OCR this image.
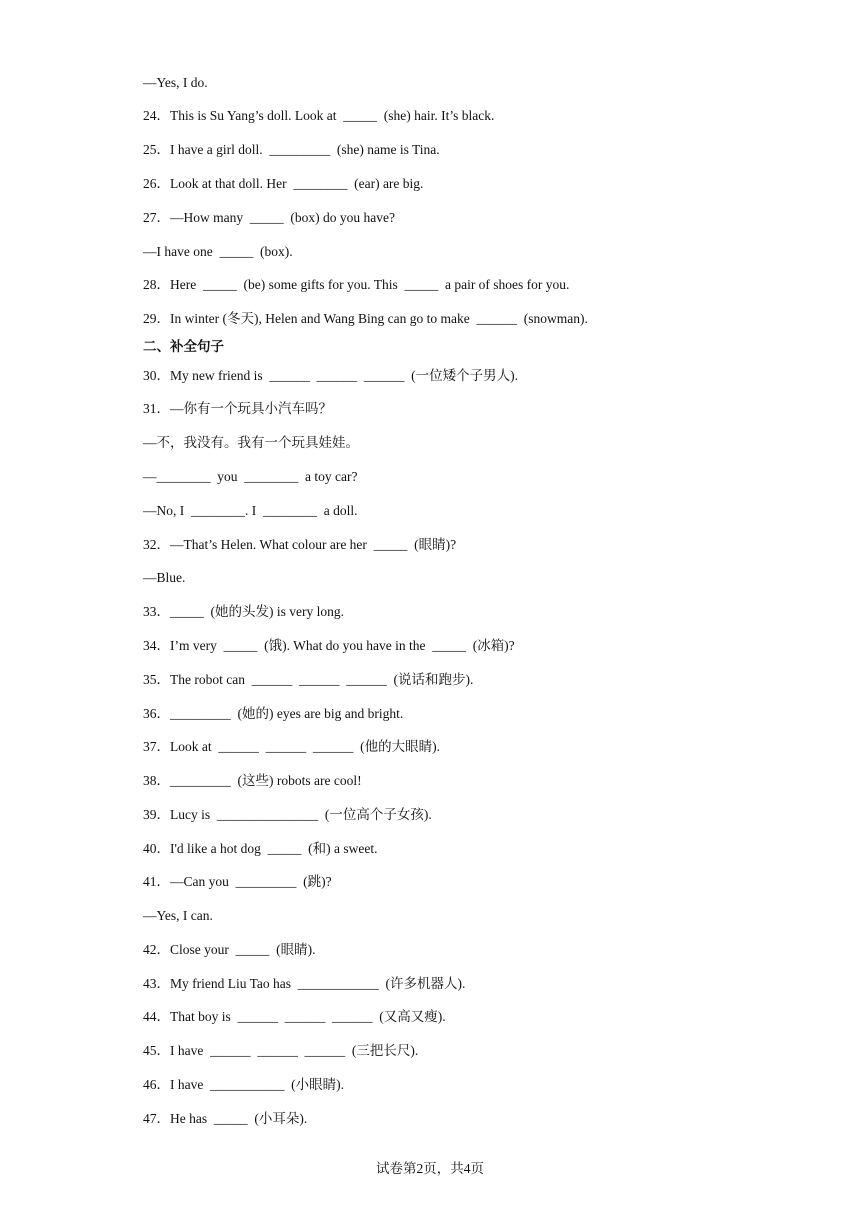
—Yes, I do.
24．This is Su Yang’s doll. Look at  _____  (she) hair. It’s black.
25．I have a girl doll.  _________  (she) name is Tina.
26．Look at that doll. Her  ________  (ear) are big.
27．—How many  _____  (box) do you have?
—I have one  _____  (box).
28．Here  _____  (be) some gifts for you. This  _____  a pair of shoes for you.
29．In winter (冬天), Helen and Wang Bing can go to make  ______  (snowman).
二、补全句子
30．My new friend is  ______  ______  ______  (一位矮个子男人).
31．—你有一个玩具小汽车吗？
—不，我没有。我有一个玩具娃娃。
—________  you  ________  a toy car?
—No, I  ________. I  ________  a doll.
32．—That’s Helen. What colour are her  _____  (眼睛)?
—Blue.
33．_____  (她的头发) is very long.
34．I’m very  _____  (饿). What do you have in the  _____  (冰箱)?
35．The robot can  ______  ______  ______  (说话和跑步).
36．_________  (她的) eyes are big and bright.
37．Look at  ______  ______  ______  (他的大眼睛).
38．_________  (这些) robots are cool!
39．Lucy is  _______________  (一位高个子女孩).
40．I'd like a hot dog  _____  (和) a sweet.
41．—Can you  _________  (跳)?
—Yes, I can.
42．Close your  _____  (眼睛).
43．My friend Liu Tao has  ____________  (许多机器人).
44．That boy is  ______  ______  ______  (又高又瘦).
45．I have  ______  ______  ______  (三把长尺).
46．I have  ___________  (小眼睛).
47．He has  _____  (小耳朵).
试卷第2页，共4页
